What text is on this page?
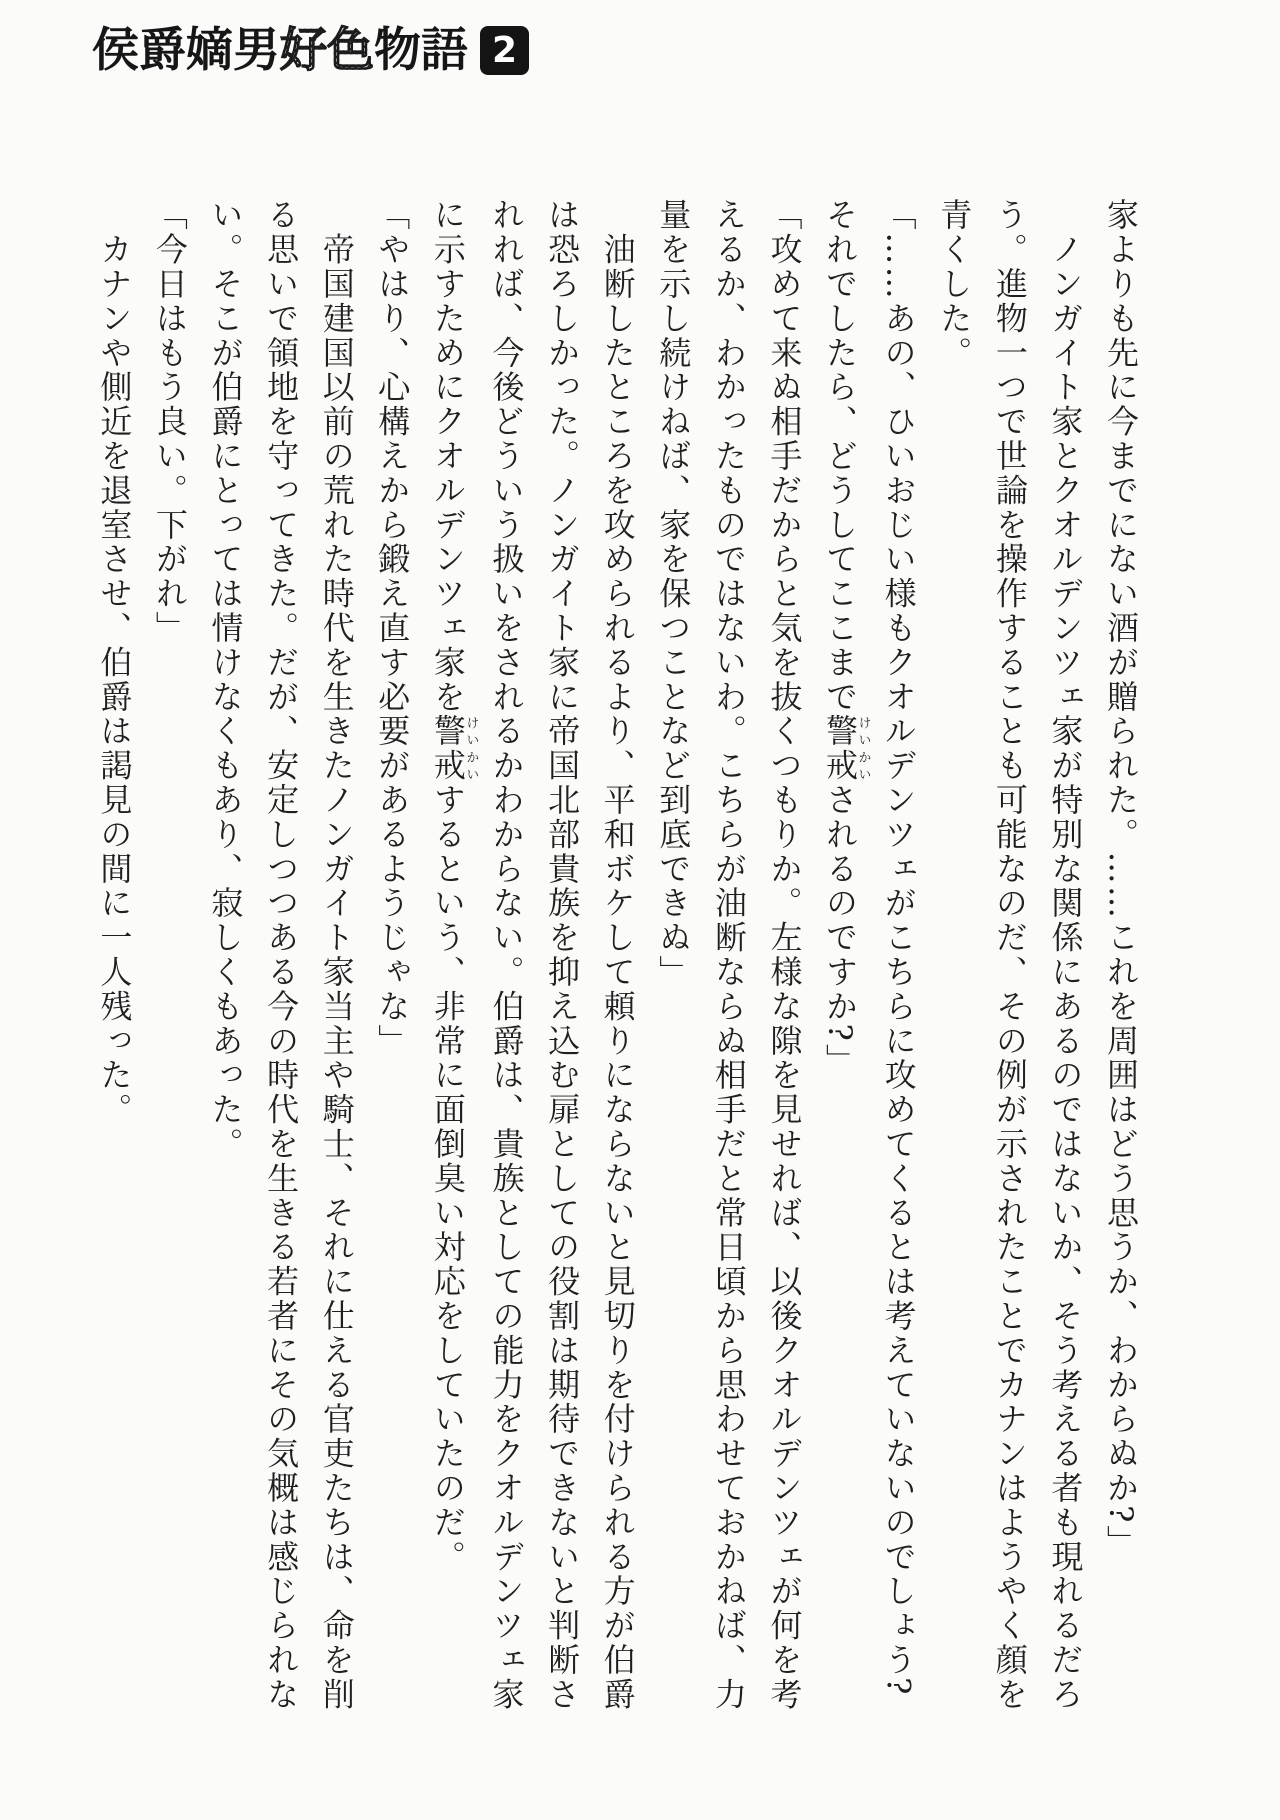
侯爵嫡男好色物語 2

家よりも先に今までにない酒が贈られた。……これを周囲はどう思うか、わからぬか?」

　ノンガイト家とクオルデンツェ家が特別な関係にあるのではないか、そう考える者も現れるだろ

う。進物一つで世論を操作することも可能なのだ、その例が示されたことでカナンはようやく顔を

青くした。

「……あの、ひいおじい様もクオルデンツェがこちらに攻めてくるとは考えていないのでしょう?

それでしたら、どうしてここまで警戒けいかいされるのですか?」

「攻めて来ぬ相手だからと気を抜くつもりか。左様な隙を見せれば、以後クオルデンツェが何を考

えるか、わかったものではないわ。こちらが油断ならぬ相手だと常日頃から思わせておかねば、力

量を示し続けねば、家を保つことなど到底できぬ」

　油断したところを攻められるより、平和ボケして頼りにならないと見切りを付けられる方が伯爵

は恐ろしかった。ノンガイト家に帝国北部貴族を抑え込む扉としての役割は期待できないと判断さ

れれば、今後どういう扱いをされるかわからない。伯爵は、貴族としての能力をクオルデンツェ家

に示すためにクオルデンツェ家を警戒けいかいするという、非常に面倒臭い対応をしていたのだ。

「やはり、心構えから鍛え直す必要があるようじゃな」

　帝国建国以前の荒れた時代を生きたノンガイト家当主や騎士、それに仕える官吏たちは、命を削

る思いで領地を守ってきた。だが、安定しつつある今の時代を生きる若者にその気概は感じられな

い。そこが伯爵にとっては情けなくもあり、寂しくもあった。

「今日はもう良い。下がれ」

　カナンや側近を退室させ、伯爵は謁見の間に一人残った。
